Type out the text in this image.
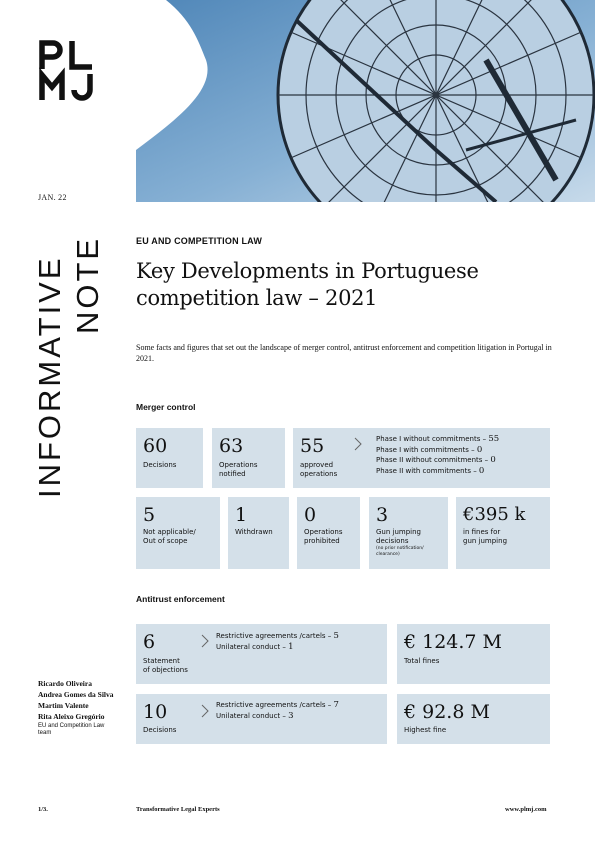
JAN. 22
INFORMATIVE NOTE	EU AND COMPETITION LAW
Key Developments in Portuguese
competition law – 2021
Some facts and figures that set out the landscape of merger control, antitrust enforcement and competition litigation in Portugal in 2021.
Merger control
60
Decisions
63
Operations
notified
55
approved
operations
Phase I without commitments – 55
Phase I with commitments – 0
Phase II without commitments – 0
Phase II with commitments – 0
5
Not applicable/
Out of scope
1
Withdrawn
0
Operations
prohibited
3
Gun jumping
decisions
(no prior notification/
clearance)
€395 k
in fines for
gun jumping
Antitrust enforcement
6
Statement
of objections
Restrictive agreements /cartels – 5
Unilateral conduct – 1	€ 124.7 M
Total fines
10
Decisions
Restrictive agreements /cartels – 7
Unilateral conduct – 3	€ 92.8 M
Highest fine
Ricardo Oliveira
Andrea Gomes da Silva
Martim Valente
Rita Aleixo Gregório
EU and Competition Law team
1/3.	Transformative Legal Experts	www.plmj.com
